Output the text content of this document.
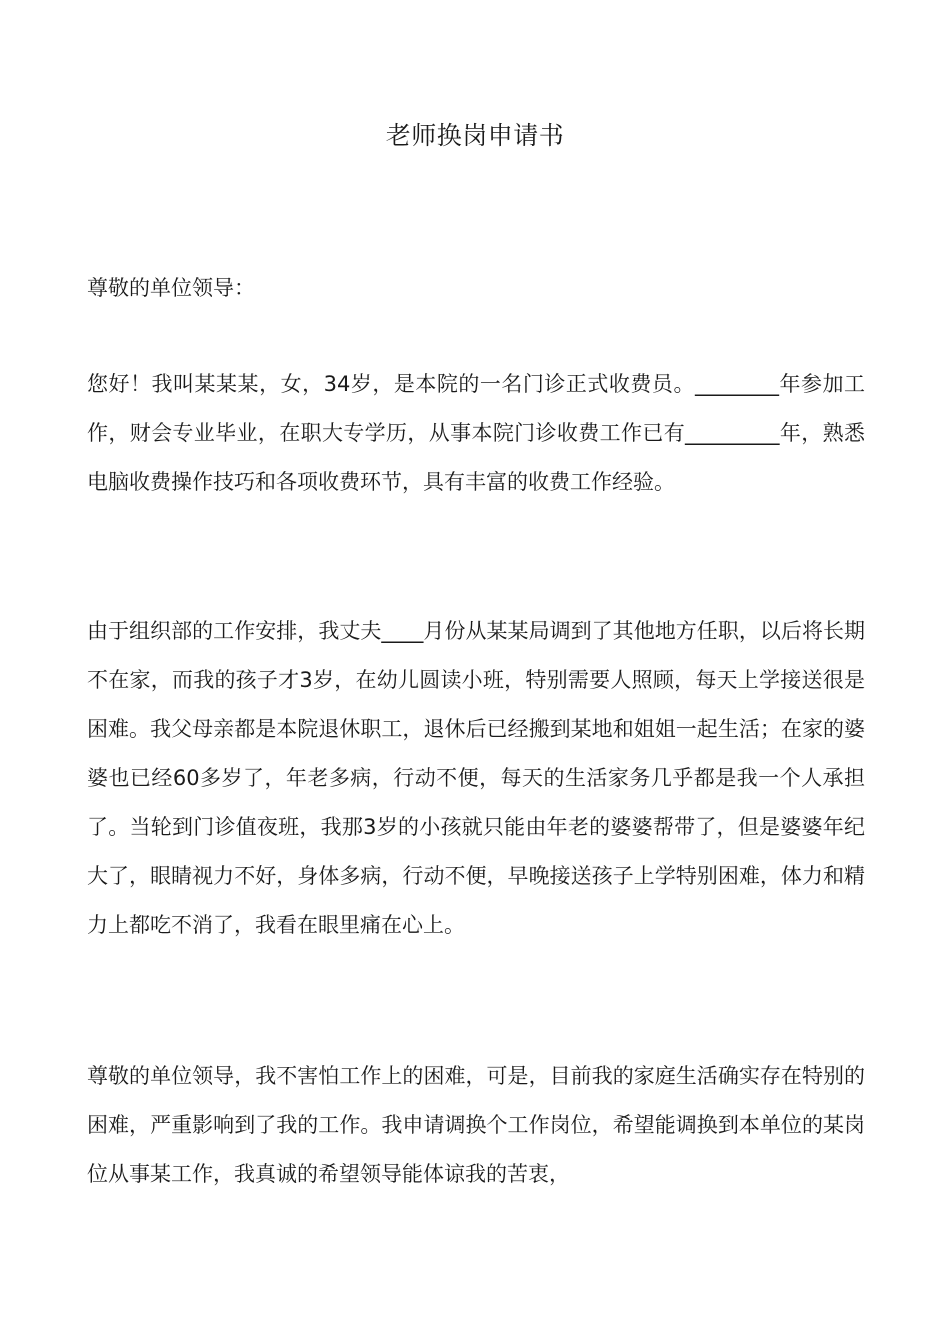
老师换岗申请书

尊敬的单位领导：

您好！我叫某某某，女，34岁，是本院的一名门诊正式收费员。________年参加工作，财会专业毕业，在职大专学历，从事本院门诊收费工作已有_________年，熟悉电脑收费操作技巧和各项收费环节，具有丰富的收费工作经验。

由于组织部的工作安排，我丈夫____月份从某某局调到了其他地方任职，以后将长期不在家，而我的孩子才3岁，在幼儿圆读小班，特别需要人照顾，每天上学接送很是困难。我父母亲都是本院退休职工，退休后已经搬到某地和姐姐一起生活；在家的婆婆也已经60多岁了，年老多病，行动不便，每天的生活家务几乎都是我一个人承担了。当轮到门诊值夜班，我那3岁的小孩就只能由年老的婆婆帮带了，但是婆婆年纪大了，眼睛视力不好，身体多病，行动不便，早晚接送孩子上学特别困难，体力和精力上都吃不消了，我看在眼里痛在心上。

尊敬的单位领导，我不害怕工作上的困难，可是，目前我的家庭生活确实存在特别的困难，严重影响到了我的工作。我申请调换个工作岗位，希望能调换到本单位的某岗位从事某工作，我真诚的希望领导能体谅我的苦衷，
